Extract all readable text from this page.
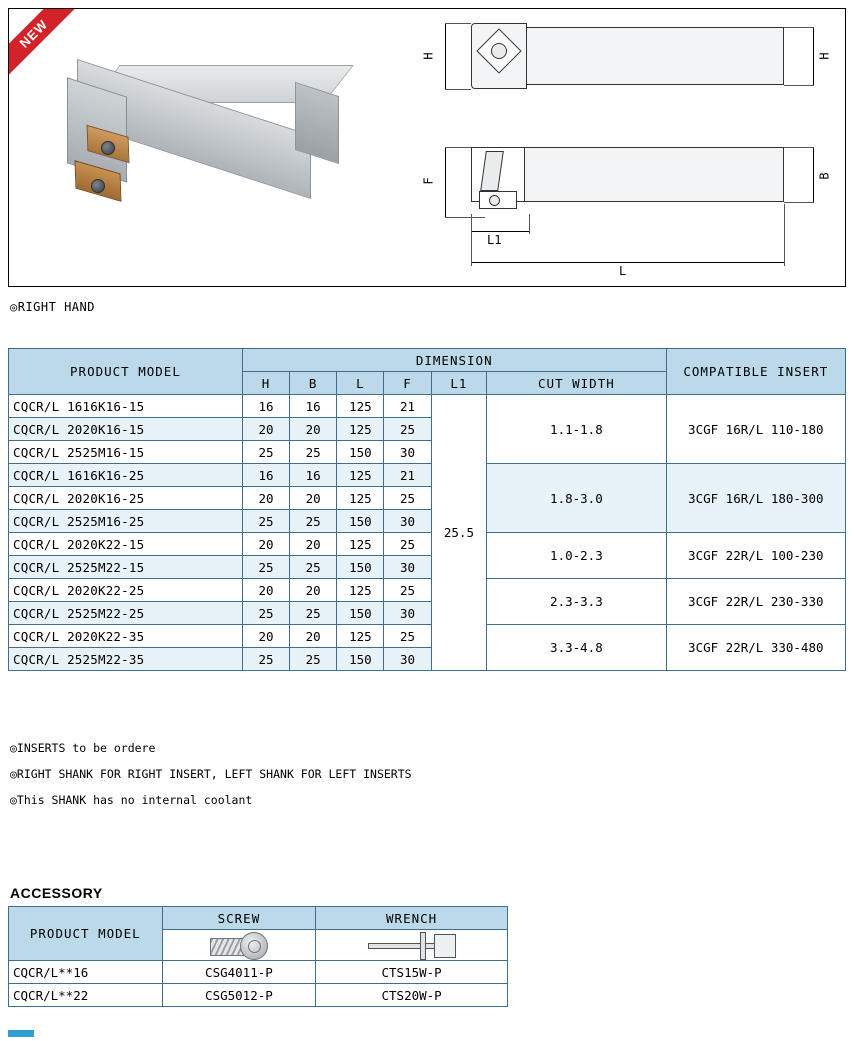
NEW
H	H
F
B
L1
L
◎RIGHT HAND
PRODUCT MODEL	DIMENSION						COMPATIBLE INSERT
	H	B	L	F	L1	CUT WIDTH	
CQCR/L 1616K16-15	16	16	125	21	25.5	1.1-1.8	3CGF 16R/L 110-180
CQCR/L 2020K16-15	20	20	125	25			
CQCR/L 2525M16-15	25	25	150	30			
CQCR/L 1616K16-25	16	16	125	21		1.8-3.0	3CGF 16R/L 180-300
CQCR/L 2020K16-25	20	20	125	25			
CQCR/L 2525M16-25	25	25	150	30			
CQCR/L 2020K22-15	20	20	125	25		1.0-2.3	3CGF 22R/L 100-230
CQCR/L 2525M22-15	25	25	150	30			
CQCR/L 2020K22-25	20	20	125	25		2.3-3.3	3CGF 22R/L 230-330
CQCR/L 2525M22-25	25	25	150	30			
CQCR/L 2020K22-35	20	20	125	25		3.3-4.8	3CGF 22R/L 330-480
CQCR/L 2525M22-35	25	25	150	30			
◎INSERTS to be ordere
◎RIGHT SHANK FOR RIGHT INSERT, LEFT SHANK FOR LEFT INSERTS
◎This SHANK has no internal coolant
ACCESSORY
PRODUCT MODEL	SCREW	WRENCH

CQCR/L**16	CSG4011-P	CTS15W-P
CQCR/L**22	CSG5012-P	CTS20W-P
